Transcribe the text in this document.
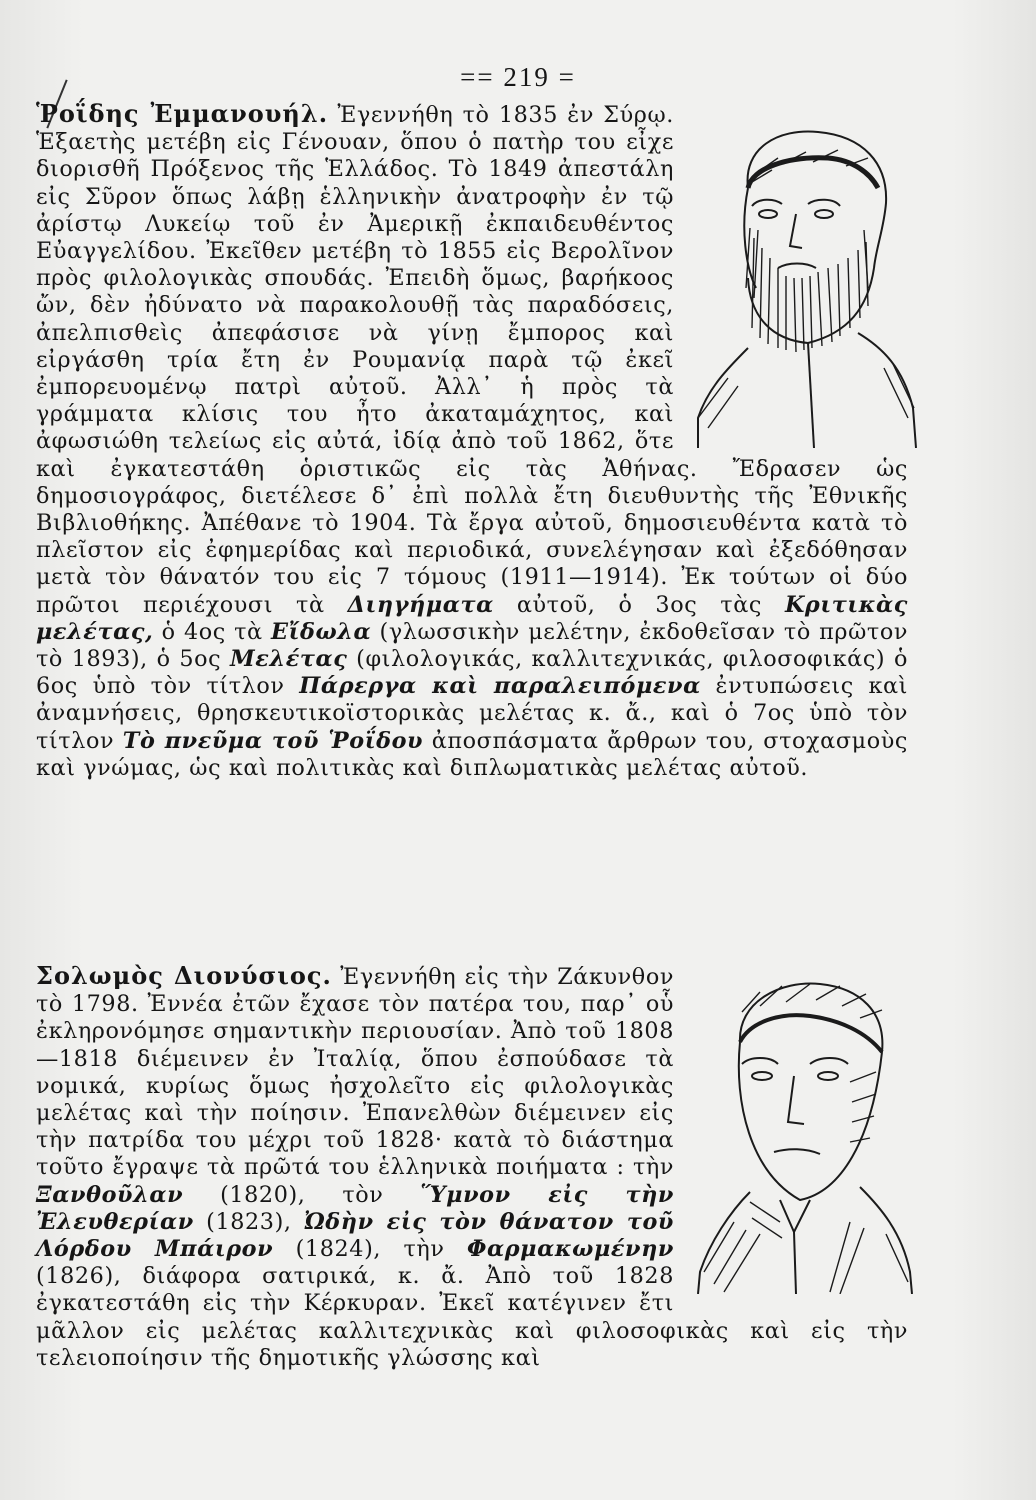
== 219 =

Ῥοΐδης Ἐμμανουήλ. Ἐγεννήθη τὸ 1835 ἐν Σύρῳ. Ἑξαετὴς μετέβη εἰς Γένουαν, ὅπου ὁ πατὴρ του εἶχε διορισθῆ Πρόξενος τῆς Ἑλλάδος. Τὸ 1849 ἀπεστάλη εἰς Σῦρον ὅπως λάβῃ ἑλληνικὴν ἀνατροφὴν ἐν τῷ ἀρίστῳ Λυκείῳ τοῦ ἐν Ἀμερικῇ ἐκπαιδευθέντος Εὐαγγελίδου. Ἐκεῖθεν μετέβη τὸ 1855 εἰς Βερολῖνον πρὸς φιλολογικὰς σπουδάς. Ἐπειδὴ ὅμως, βαρήκοος ὤν, δὲν ἠδύνατο νὰ παρακολουθῇ τὰς παραδόσεις, ἀπελπισθεὶς ἀπεφάσισε νὰ γίνῃ ἔμπορος καὶ εἰργάσθη τρία ἔτη ἐν Ρουμανίᾳ παρὰ τῷ ἐκεῖ ἐμπορευομένῳ πατρὶ αὐτοῦ. Ἀλλ᾿ ἡ πρὸς τὰ γράμματα κλίσις του ἦτο ἀκαταμάχητος, καὶ ἀφωσιώθη τελείως εἰς αὐτά, ἰδίᾳ ἀπὸ τοῦ 1862, ὅτε καὶ ἐγκατεστάθη ὁριστικῶς εἰς τὰς Ἀθήνας. Ἔδρασεν ὡς δημοσιογράφος, διετέλεσε δ᾿ ἐπὶ πολλὰ ἔτη διευθυντὴς τῆς Ἐθνικῆς Βιβλιοθήκης. Ἀπέθανε τὸ 1904. Τὰ ἔργα αὐτοῦ, δημοσιευθέντα κατὰ τὸ πλεῖστον εἰς ἐφημερίδας καὶ περιοδικά, συνελέγησαν καὶ ἐξεδόθησαν μετὰ τὸν θάνατόν του εἰς 7 τόμους (1911—1914). Ἐκ τούτων οἱ δύο πρῶτοι περιέχουσι τὰ Διηγήματα αὐτοῦ, ὁ 3ος τὰς Κριτικὰς μελέτας, ὁ 4ος τὰ Εἴδωλα (γλωσσικὴν μελέτην, ἐκδοθεῖσαν τὸ πρῶτον τὸ 1893), ὁ 5ος Μελέτας (φιλολογικάς, καλλιτεχνικάς, φιλοσοφικάς) ὁ 6ος ὑπὸ τὸν τίτλον Πάρεργα καὶ παραλειπόμενα ἐντυπώσεις καὶ ἀναμνήσεις, θρησκευτικοϊστορικὰς μελέτας κ. ἄ., καὶ ὁ 7ος ὑπὸ τὸν τίτλον Τὸ πνεῦμα τοῦ Ῥοΐδου ἀποσπάσματα ἄρθρων του, στοχασμοὺς καὶ γνώμας, ὡς καὶ πολιτικὰς καὶ διπλωματικὰς μελέτας αὐτοῦ.

Σολωμὸς Διονύσιος. Ἐγεννήθη εἰς τὴν Ζάκυνθον τὸ 1798. Ἐννέα ἐτῶν ἔχασε τὸν πατέρα του, παρ᾿ οὗ ἐκληρονόμησε σημαντικὴν περιουσίαν. Ἀπὸ τοῦ 1808—1818 διέμεινεν ἐν Ἰταλίᾳ, ὅπου ἐσπούδασε τὰ νομικά, κυρίως ὅμως ἠσχολεῖτο εἰς φιλολογικὰς μελέτας καὶ τὴν ποίησιν. Ἐπανελθὼν διέμεινεν εἰς τὴν πατρίδα του μέχρι τοῦ 1828· κατὰ τὸ διάστημα τοῦτο ἔγραψε τὰ πρῶτά του ἑλληνικὰ ποιήματα : τὴν Ξανθοῦλαν (1820), τὸν Ὕμνον εἰς τὴν Ἐλευθερίαν (1823), Ὠδὴν εἰς τὸν θάνατον τοῦ Λόρδου Μπάιρον (1824), τὴν Φαρμακωμένην (1826), διάφορα σατιρικά, κ. ἄ. Ἀπὸ τοῦ 1828 ἐγκατεστάθη εἰς τὴν Κέρκυραν. Ἐκεῖ κατέγινεν ἔτι μᾶλλον εἰς μελέτας καλλιτεχνικὰς καὶ φιλοσοφικὰς καὶ εἰς τὴν τελειοποίησιν τῆς δημοτικῆς γλώσσης καὶ
